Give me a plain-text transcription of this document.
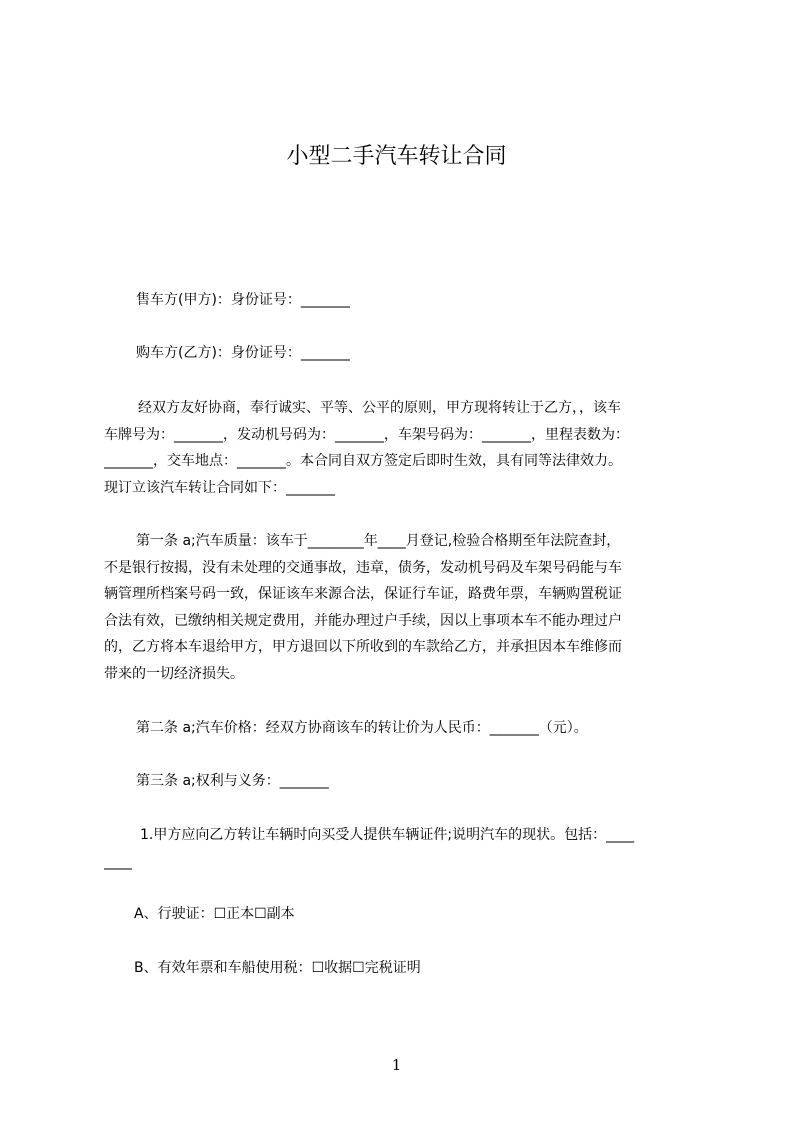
小型二手汽车转让合同
售车方(甲方)：身份证号：_______
购车方(乙方)：身份证号：_______
经双方友好协商，奉行诚实、平等、公平的原则，甲方现将转让于乙方，，该车
车牌号为：_______，发动机号码为：_______，车架号码为：_______，里程表数为：
_______，交车地点：_______。本合同自双方签定后即时生效，具有同等法律效力。
现订立该汽车转让合同如下：_______
第一条 a;汽车质量：该车于________年____月登记,检验合格期至年法院查封，
不是银行按揭，没有未处理的交通事故，违章，债务，发动机号码及车架号码能与车
辆管理所档案号码一致，保证该车来源合法，保证行车证，路费年票，车辆购置税证
合法有效，已缴纳相关规定费用，并能办理过户手续，因以上事项本车不能办理过户
的，乙方将本车退给甲方，甲方退回以下所收到的车款给乙方，并承担因本车维修而
带来的一切经济损失。
第二条 a;汽车价格：经双方协商该车的转让价为人民币：_______（元）。
第三条 a;权利与义务：_______
1.甲方应向乙方转让车辆时向买受人提供车辆证件;说明汽车的现状。包括：____
____
A、行驶证：☐正本☐副本
B、有效年票和车船使用税：☐收据☐完税证明
1
